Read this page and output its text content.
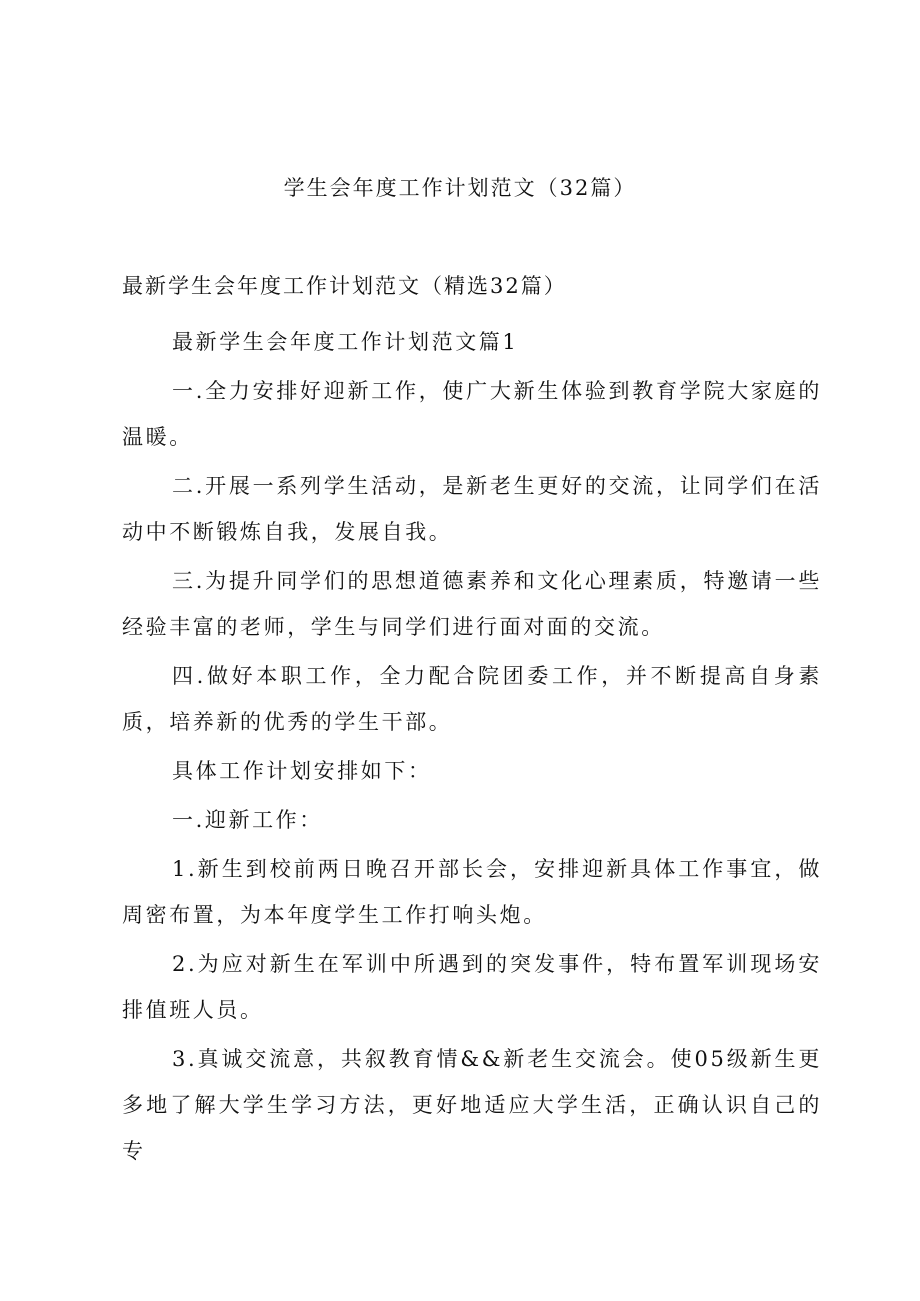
学生会年度工作计划范文（32篇）
最新学生会年度工作计划范文（精选32篇）

最新学生会年度工作计划范文篇1

一.全力安排好迎新工作，使广大新生体验到教育学院大家庭的温暖。

二.开展一系列学生活动，是新老生更好的交流，让同学们在活动中不断锻炼自我，发展自我。

三.为提升同学们的思想道德素养和文化心理素质，特邀请一些经验丰富的老师，学生与同学们进行面对面的交流。

四.做好本职工作，全力配合院团委工作，并不断提高自身素质，培养新的优秀的学生干部。

具体工作计划安排如下：

一.迎新工作：

1.新生到校前两日晚召开部长会，安排迎新具体工作事宜，做周密布置，为本年度学生工作打响头炮。

2.为应对新生在军训中所遇到的突发事件，特布置军训现场安排值班人员。

3.真诚交流意，共叙教育情&&新老生交流会。使05级新生更多地了解大学生学习方法，更好地适应大学生活，正确认识自己的专
